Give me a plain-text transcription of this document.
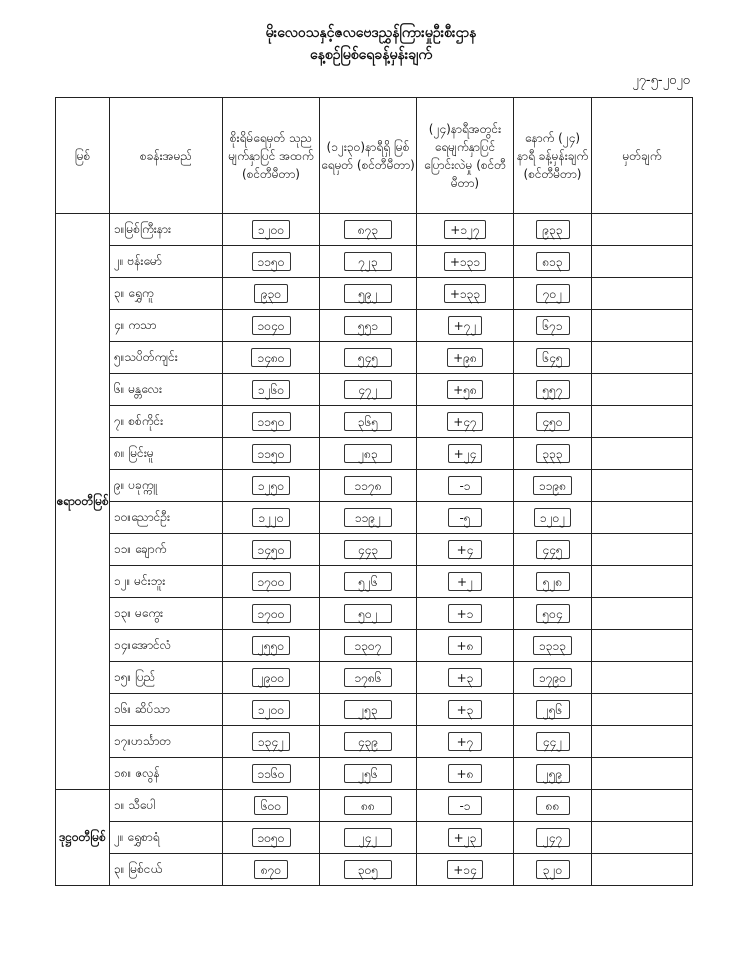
မိုးလေဝသနှင့်ဇလဗေဒညွှန်ကြားမှုဦးစီးဌာန
နေ့စဉ်မြစ်ရေခန့်မှန်းချက်
၂၇-၅-၂၀၂၀
မြစ်	စခန်းအမည်	စိုးရိမ်ရေမှတ် သုညမျက်နှာပြင် အထက် (စင်တီမီတာ)	(၁၂း၃၀)နာရီရှိ မြစ်ရေမှတ် (စင်တီမီတာ)	(၂၄)နာရီအတွင်း ရေမျက်နှာပြင် ပြောင်းလဲမှု (စင်တီမီတာ)	နောက် (၂၄) နာရီ ခန့်မှန်းချက် (စင်တီမီတာ)	မှတ်ချက်
ဧရာဝတီမြစ်	၁။မြစ်ကြီးနား	၁၂၀၀	၈၇၃	+၁၂၇	၉၃၃	
	၂။ ဗန်းမော်	၁၁၅၀	၇၂၃	+၁၃၁	၈၁၃	
	၃။ ရွှေကူ	၉၃၀	၅၉၂	+၁၃၃	၇၀၂	
	၄။ ကသာ	၁၀၄၀	၅၅၁	+၇၂	၆၇၁	
	၅။သပိတ်ကျင်း	၁၄၈၀	၅၄၅	+၉၈	၆၄၅	
	၆။ မန္တလေး	၁၂၆၀	၄၇၂	+၅၈	၅၅၇	
	၇။ စစ်ကိုင်း	၁၁၅၀	၃၆၅	+၄၇	၄၅၀	
	၈။ မြင်းမူ	၁၁၅၀	၂၈၃	+၂၄	၃၃၃	
	၉။ ပခုက္ကူ	၁၂၅၀	၁၁၇၈	-၁	၁၁၉၈	
	၁၀။ညောင်ဦး	၁၂၂၀	၁၁၉၂	-၅	၁၂၀၂	
	၁၁။ ချောက်	၁၄၅၀	၄၄၃	+၄	၄၄၅	
	၁၂။ မင်းဘူး	၁၇၀၀	၅၂၆	+၂	၅၂၈	
	၁၃။ မကွေး	၁၇၀၀	၅၀၂	+၁	၅၀၄	
	၁၄။အောင်လံ	၂၅၅၀	၁၃၀၇	+၈	၁၃၁၃	
	၁၅။ ပြည်	၂၉၀၀	၁၇၈၆	+၃	၁၇၉၀	
	၁၆။ ဆိပ်သာ	၁၂၀၀	၂၅၃	+၃	၂၅၆	
	၁၇။ဟင်္သာတ	၁၃၄၂	၄၃၉	+၇	၄၄၂	
	၁၈။ ဇလွန်	၁၁၆၀	၂၅၆	+၈	၂၅၉	
ဒုဋ္ဌဝတီမြစ်	၁။ သီပေါ	၆၀၀	၈၈	-၁	၈၈	
	၂။ ရွှေစာရံ	၁၀၅၀	၂၄၂	+၂၃	၂၄၇	
	၃။ မြစ်ငယ်	၈၇၀	၃၀၅	+၁၄	၃၂၀	
